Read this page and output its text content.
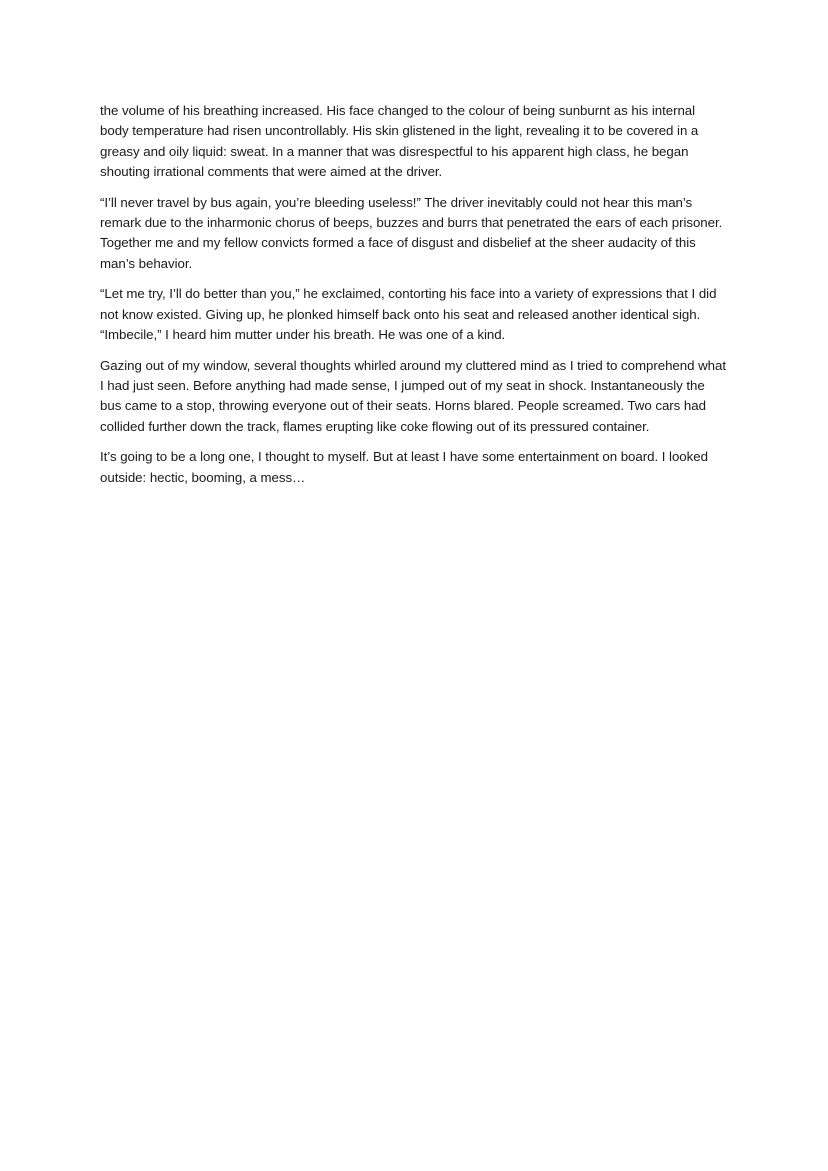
the volume of his breathing increased. His face changed to the colour of being sunburnt as his internal body temperature had risen uncontrollably. His skin glistened in the light, revealing it to be covered in a greasy and oily liquid: sweat. In a manner that was disrespectful to his apparent high class, he began shouting irrational comments that were aimed at the driver.

“I’ll never travel by bus again, you’re bleeding useless!” The driver inevitably could not hear this man’s remark due to the inharmonic chorus of beeps, buzzes and burrs that penetrated the ears of each prisoner. Together me and my fellow convicts formed a face of disgust and disbelief at the sheer audacity of this man’s behavior.

“Let me try, I’ll do better than you,” he exclaimed, contorting his face into a variety of expressions that I did not know existed. Giving up, he plonked himself back onto his seat and released another identical sigh. “Imbecile,” I heard him mutter under his breath. He was one of a kind.

Gazing out of my window, several thoughts whirled around my cluttered mind as I tried to comprehend what I had just seen. Before anything had made sense, I jumped out of my seat in shock. Instantaneously the bus came to a stop, throwing everyone out of their seats. Horns blared. People screamed. Two cars had collided further down the track, flames erupting like coke flowing out of its pressured container.

It’s going to be a long one, I thought to myself. But at least I have some entertainment on board. I looked outside: hectic, booming, a mess…
